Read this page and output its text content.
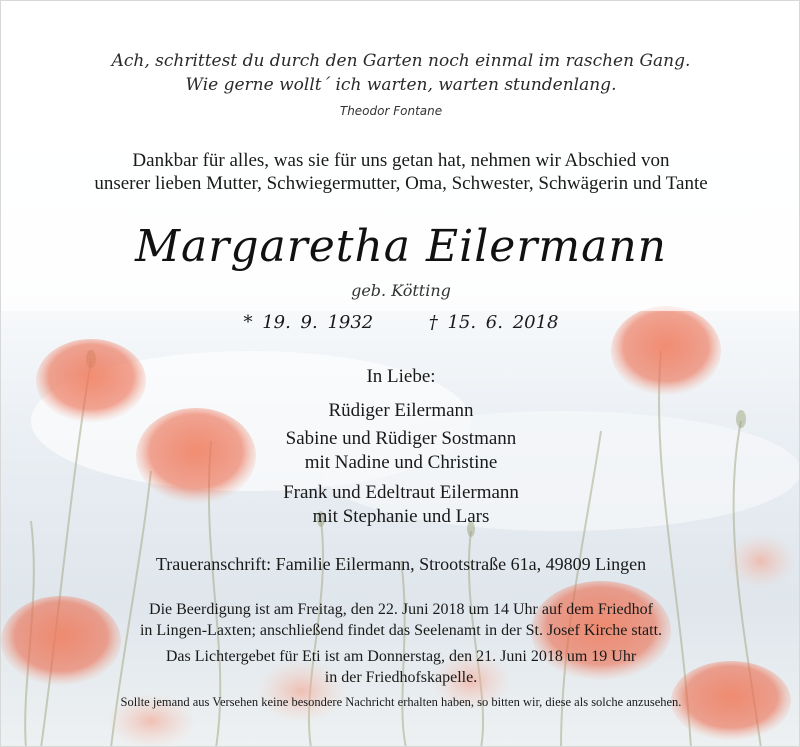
Ach, schrittest du durch den Garten noch einmal im raschen Gang.
Wie gerne wollt´ ich warten, warten stundenlang.
Theodor Fontane
Dankbar für alles, was sie für uns getan hat, nehmen wir Abschied von
unserer lieben Mutter, Schwiegermutter, Oma, Schwester, Schwägerin und Tante
Margaretha Eilermann
geb. Kötting
* 19. 9. 1932	† 15. 6. 2018
In Liebe:
Rüdiger Eilermann
Sabine und Rüdiger Sostmann
mit Nadine und Christine
Frank und Edeltraut Eilermann
mit Stephanie und Lars
Traueranschrift: Familie Eilermann, Strootstraße 61a, 49809 Lingen
Die Beerdigung ist am Freitag, den 22. Juni 2018 um 14 Uhr auf dem Friedhof
in Lingen-Laxten; anschließend findet das Seelenamt in der St. Josef Kirche statt.
Das Lichtergebet für Eti ist am Donnerstag, den 21. Juni 2018 um 19 Uhr
in der Friedhofskapelle.
Sollte jemand aus Versehen keine besondere Nachricht erhalten haben, so bitten wir, diese als solche anzusehen.
